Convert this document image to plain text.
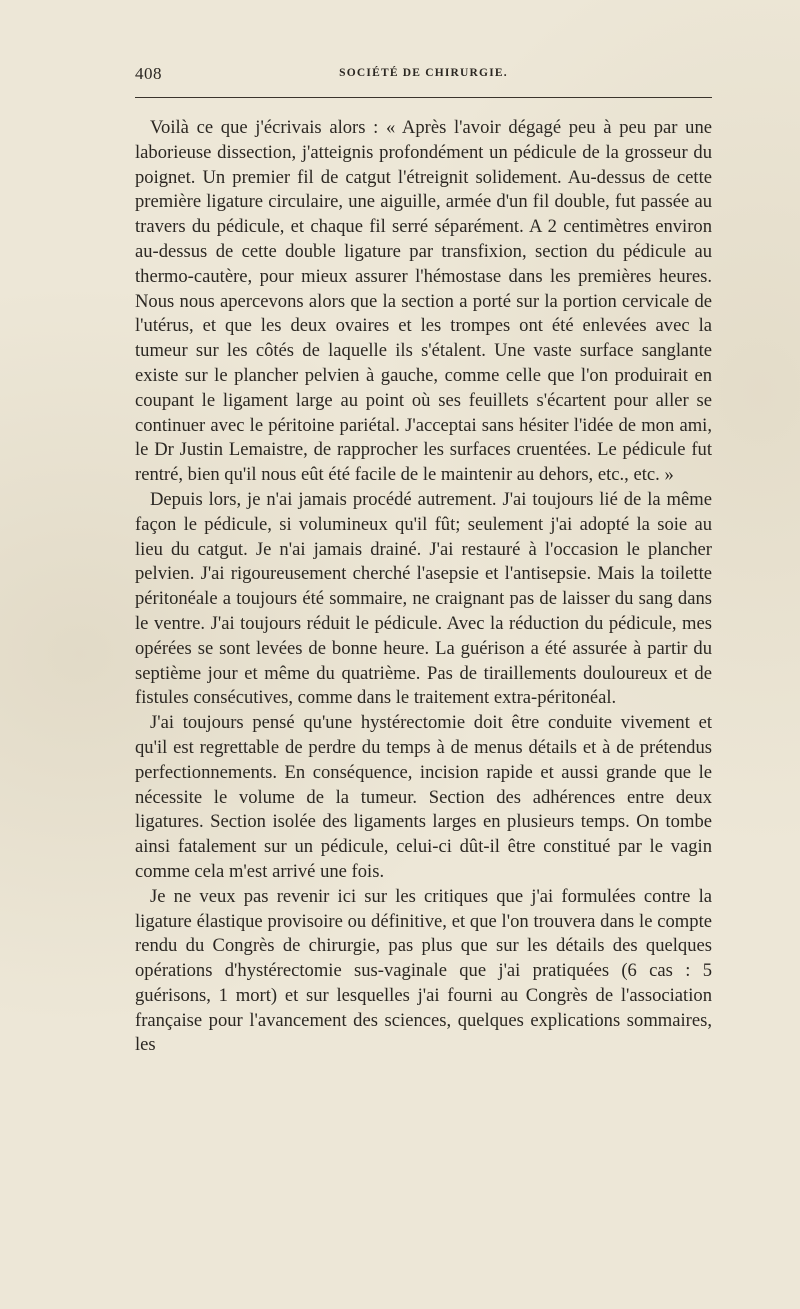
408	SOCIÉTÉ DE CHIRURGIE.

Voilà ce que j'écrivais alors : « Après l'avoir dégagé peu à peu par une laborieuse dissection, j'atteignis profondément un pédicule de la grosseur du poignet. Un premier fil de catgut l'étreignit solidement. Au-dessus de cette première ligature circulaire, une aiguille, armée d'un fil double, fut passée au travers du pédicule, et chaque fil serré séparément. A 2 centimètres environ au-dessus de cette double ligature par transfixion, section du pédicule au thermo-cautère, pour mieux assurer l'hémostase dans les premières heures. Nous nous apercevons alors que la section a porté sur la portion cervicale de l'utérus, et que les deux ovaires et les trompes ont été enlevées avec la tumeur sur les côtés de laquelle ils s'étalent. Une vaste surface sanglante existe sur le plancher pelvien à gauche, comme celle que l'on produirait en coupant le ligament large au point où ses feuillets s'écartent pour aller se continuer avec le péritoine pariétal. J'acceptai sans hésiter l'idée de mon ami, le Dr Justin Lemaistre, de rapprocher les surfaces cruentées. Le pédicule fut rentré, bien qu'il nous eût été facile de le maintenir au dehors, etc., etc. »

Depuis lors, je n'ai jamais procédé autrement. J'ai toujours lié de la même façon le pédicule, si volumineux qu'il fût; seulement j'ai adopté la soie au lieu du catgut. Je n'ai jamais drainé. J'ai restauré à l'occasion le plancher pelvien. J'ai rigoureusement cherché l'asepsie et l'antisepsie. Mais la toilette péritonéale a toujours été sommaire, ne craignant pas de laisser du sang dans le ventre. J'ai toujours réduit le pédicule. Avec la réduction du pédicule, mes opérées se sont levées de bonne heure. La guérison a été assurée à partir du septième jour et même du quatrième. Pas de tiraillements douloureux et de fistules consécutives, comme dans le traitement extra-péritonéal.

J'ai toujours pensé qu'une hystérectomie doit être conduite vivement et qu'il est regrettable de perdre du temps à de menus détails et à de prétendus perfectionnements. En conséquence, incision rapide et aussi grande que le nécessite le volume de la tumeur. Section des adhérences entre deux ligatures. Section isolée des ligaments larges en plusieurs temps. On tombe ainsi fatalement sur un pédicule, celui-ci dût-il être constitué par le vagin comme cela m'est arrivé une fois.

Je ne veux pas revenir ici sur les critiques que j'ai formulées contre la ligature élastique provisoire ou définitive, et que l'on trouvera dans le compte rendu du Congrès de chirurgie, pas plus que sur les détails des quelques opérations d'hystérectomie sus-vaginale que j'ai pratiquées (6 cas : 5 guérisons, 1 mort) et sur lesquelles j'ai fourni au Congrès de l'association française pour l'avancement des sciences, quelques explications sommaires, les
